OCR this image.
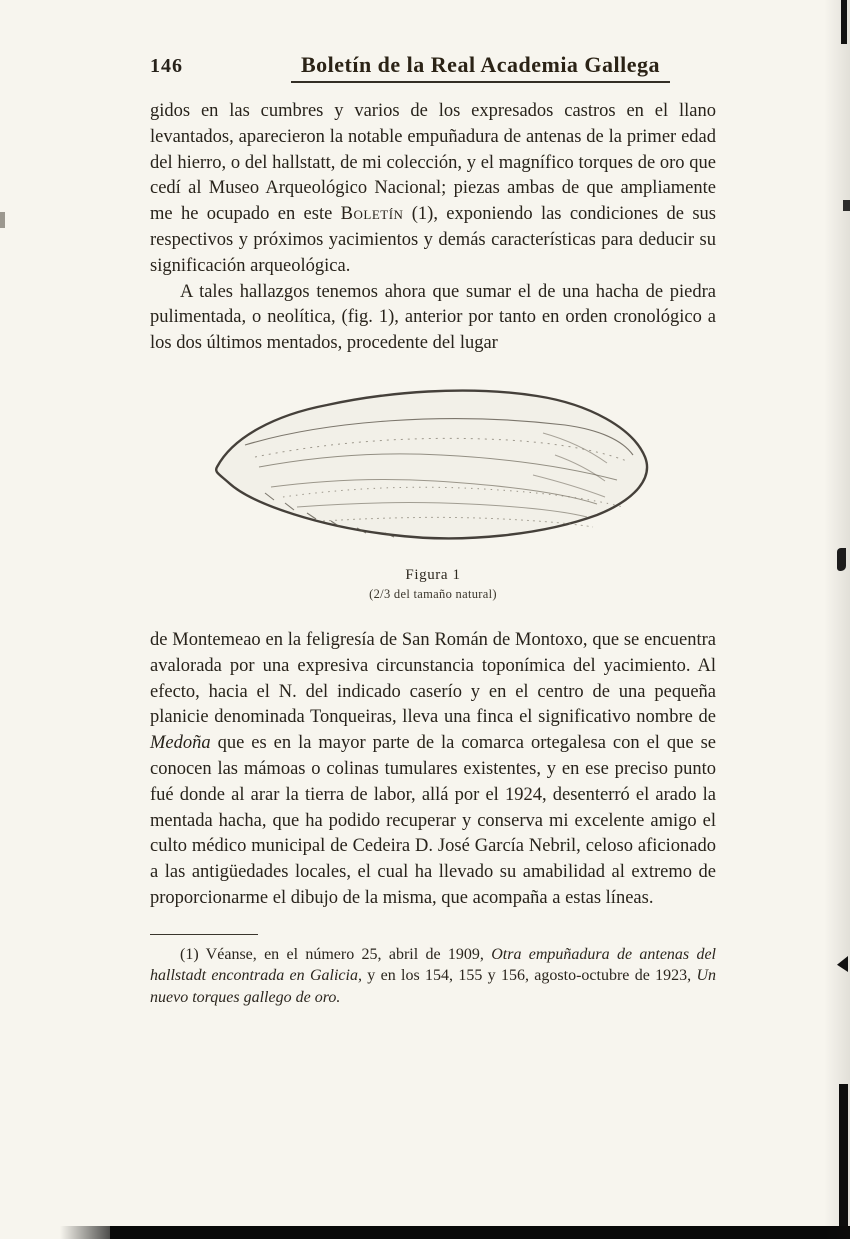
146	Boletín de la Real Academia Gallega

gidos en las cumbres y varios de los expresados castros en el llano levantados, aparecieron la notable empuñadura de antenas de la primer edad del hierro, o del hallstatt, de mi colección, y el magnífico torques de oro que cedí al Museo Arqueológico Nacional; piezas ambas de que ampliamente me he ocupado en este Boletín (1), exponiendo las condiciones de sus respectivos y próximos yacimientos y demás características para deducir su significación arqueológica.

A tales hallazgos tenemos ahora que sumar el de una hacha de piedra pulimentada, o neolítica, (fig. 1), anterior por tanto en orden cronológico a los dos últimos mentados, procedente del lugar

Figura 1
(2/3 del tamaño natural)

de Montemeao en la feligresía de San Román de Montoxo, que se encuentra avalorada por una expresiva circunstancia toponímica del yacimiento. Al efecto, hacia el N. del indicado caserío y en el centro de una pequeña planicie denominada Tonqueiras, lleva una finca el significativo nombre de Medoña que es en la mayor parte de la comarca ortegalesa con el que se conocen las mámoas o colinas tumulares existentes, y en ese preciso punto fué donde al arar la tierra de labor, allá por el 1924, desenterró el arado la mentada hacha, que ha podido recuperar y conserva mi excelente amigo el culto médico municipal de Cedeira D. José García Nebril, celoso aficionado a las antigüedades locales, el cual ha llevado su amabilidad al extremo de proporcionarme el dibujo de la misma, que acompaña a estas líneas.

(1) Véanse, en el número 25, abril de 1909, Otra empuñadura de antenas del hallstadt encontrada en Galicia, y en los 154, 155 y 156, agosto-octubre de 1923, Un nuevo torques gallego de oro.
